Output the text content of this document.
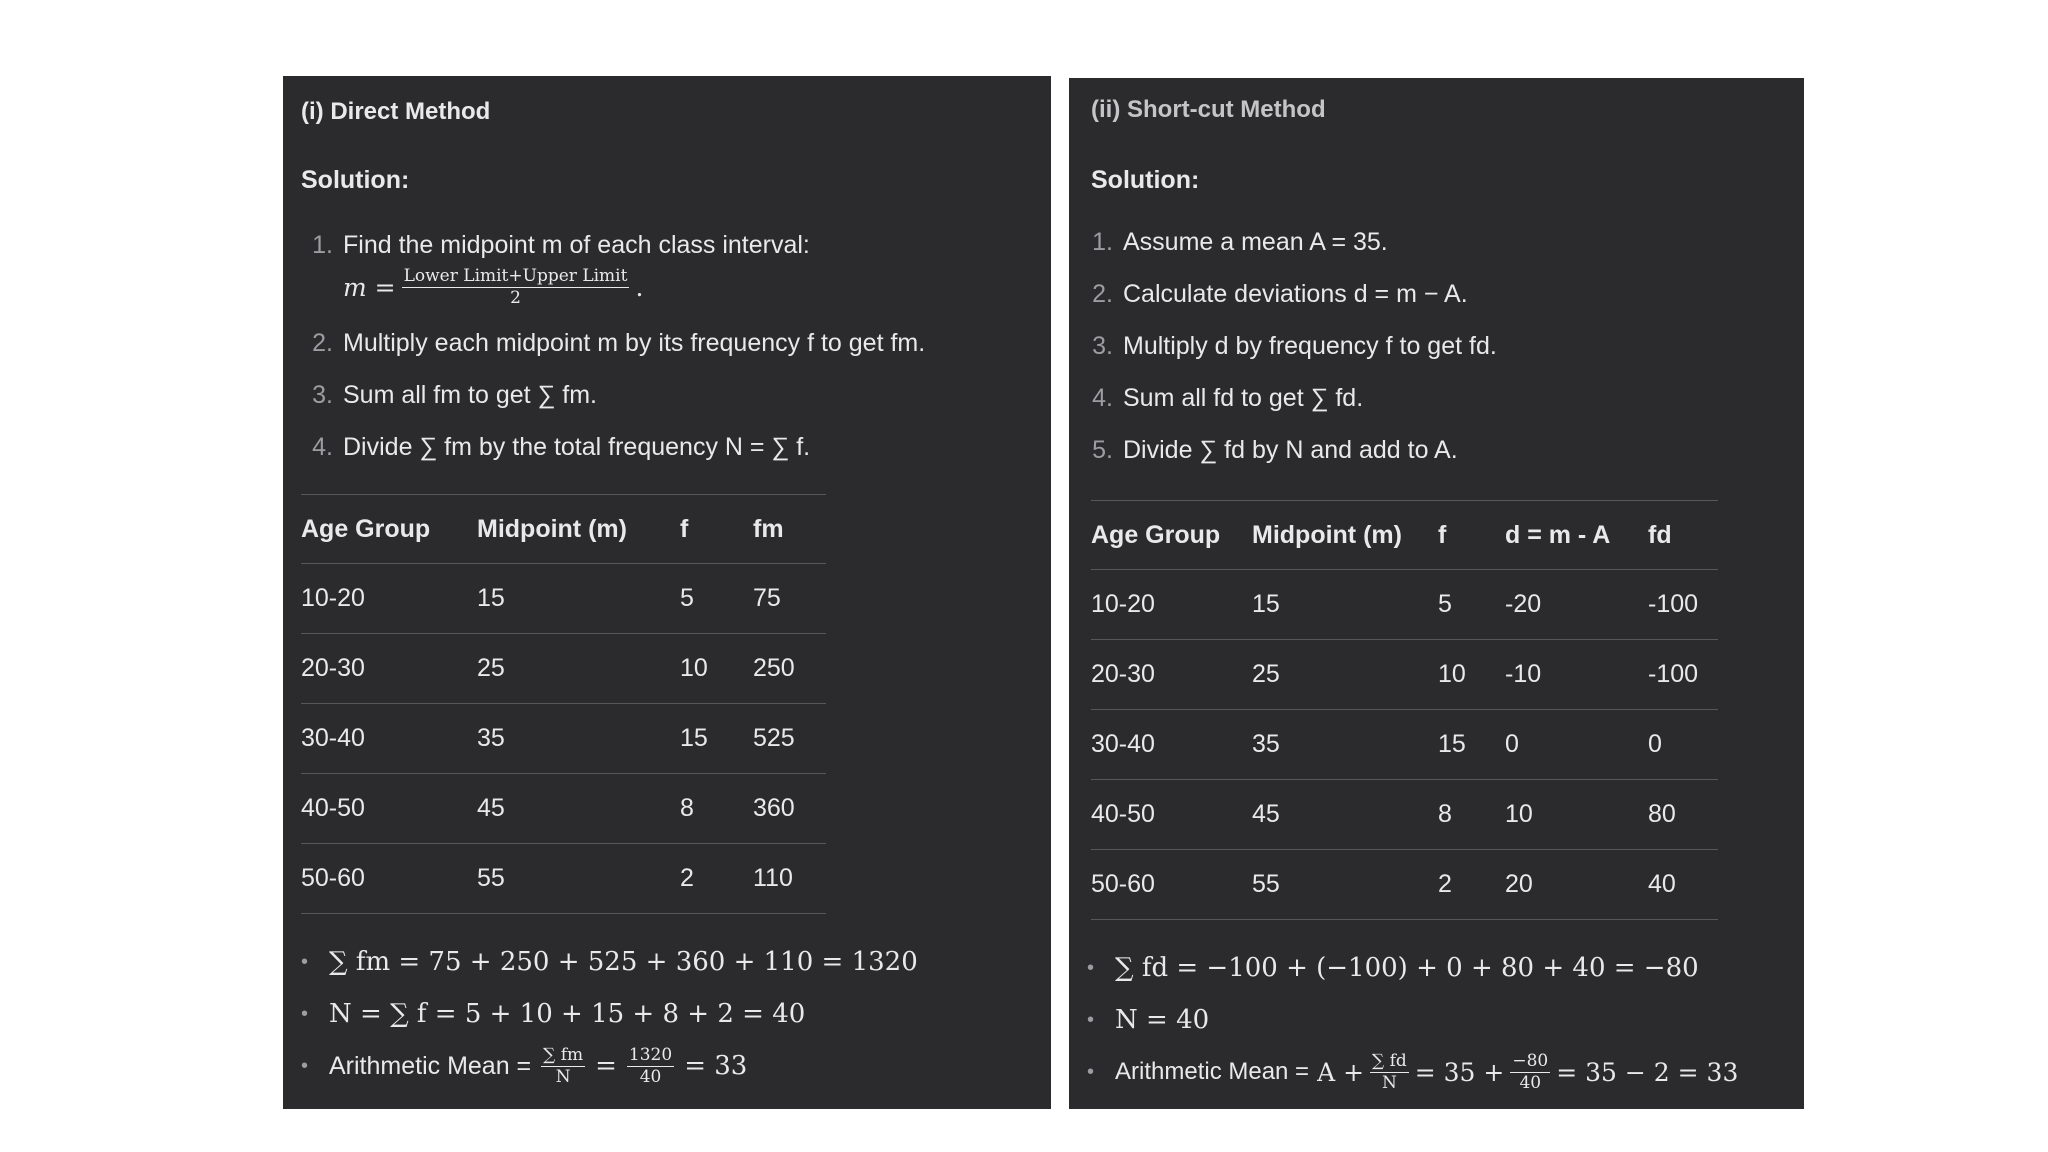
(i) Direct Method
Solution:
1. Find the midpoint m of each class interval:
$m = \frac{\text{Lower Limit+Upper Limit}}{2}$ .
2. Multiply each midpoint m by its frequency f to get fm.
3. Sum all fm to get ∑ fm.
4. Divide ∑ fm by the total frequency N = ∑ f.
Age Group	Midpoint (m)	f	fm
10-20	15	5	75
20-30	25	10	250
30-40	35	15	525
40-50	45	8	360
50-60	55	2	110
• ∑ fm = 75 + 250 + 525 + 360 + 110 = 1320
• N = ∑ f = 5 + 10 + 15 + 8 + 2 = 40
• Arithmetic Mean = $\frac{\sum fm}{N} = \frac{1320}{40} = 33$
(ii) Short-cut Method
Solution:
1. Assume a mean A = 35.
2. Calculate deviations d = m − A.
3. Multiply d by frequency f to get fd.
4. Sum all fd to get ∑ fd.
5. Divide ∑ fd by N and add to A.
Age Group	Midpoint (m)	f	d = m - A	fd
10-20	15	5	-20	-100
20-30	25	10	-10	-100
30-40	35	15	0	0
40-50	45	8	10	80
50-60	55	2	20	40
• ∑ fd = −100 + (−100) + 0 + 80 + 40 = −80
• N = 40
• Arithmetic Mean = $A + \frac{\sum fd}{N} = 35 + \frac{-80}{40} = 35 - 2 = 33$
